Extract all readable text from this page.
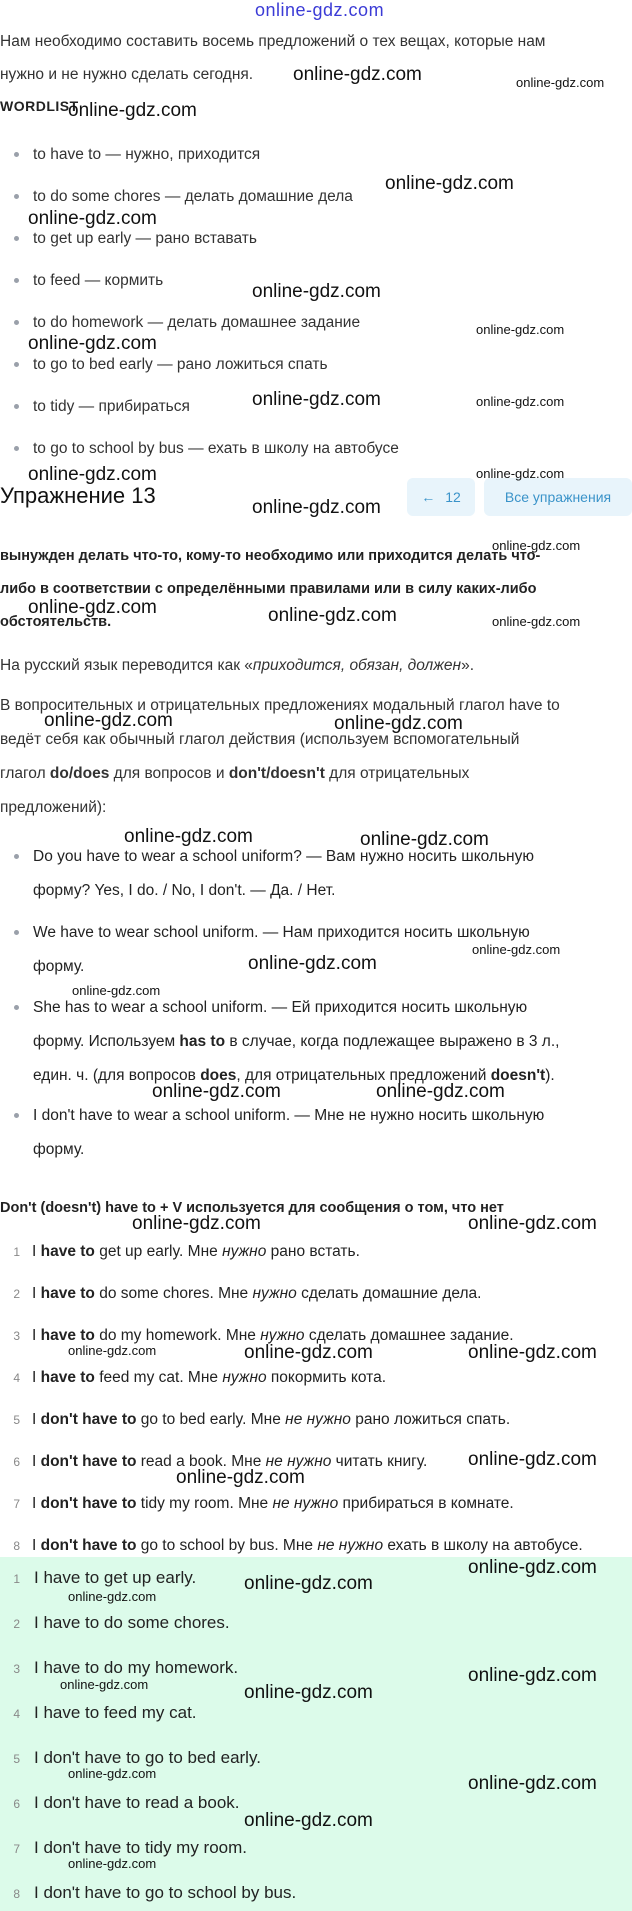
online-gdz.com
Нам необходимо составить восемь предложений о тех вещах, которые нам
нужно и не нужно сделать сегодня.
WORDLIST
to have to — нужно, приходится
to do some chores — делать домашние дела
to get up early — рано вставать
to feed — кормить
to do homework — делать домашнее задание
to go to bed early — рано ложиться спать
to tidy — прибираться
to go to school by bus — ехать в школу на автобусе
Упражнение 13	← 12	Все упражнения
вынужден делать что-то, кому-то необходимо или приходится делать что-
либо в соответствии с определёнными правилами или в силу каких-либо
обстоятельств.
На русский язык переводится как «приходится, обязан, должен».
В вопросительных и отрицательных предложениях модальный глагол have to
ведёт себя как обычный глагол действия (используем вспомогательный
глагол do/does для вопросов и don't/doesn't для отрицательных
предложений):
Do you have to wear a school uniform? — Вам нужно носить школьную
форму? Yes, I do. / No, I don't. — Да. / Нет.
We have to wear school uniform. — Нам приходится носить школьную
форму.
She has to wear a school uniform. — Ей приходится носить школьную
форму. Используем has to в случае, когда подлежащее выражено в 3 л.,
един. ч. (для вопросов does, для отрицательных предложений doesn't).
I don't have to wear a school uniform. — Мне не нужно носить школьную
форму.
Don't (doesn't) have to + V используется для сообщения о том, что нет
1 I have to get up early. Мне нужно рано встать.
2 I have to do some chores. Мне нужно сделать домашние дела.
3 I have to do my homework. Мне нужно сделать домашнее задание.
4 I have to feed my cat. Мне нужно покормить кота.
5 I don't have to go to bed early. Мне не нужно рано ложиться спать.
6 I don't have to read a book. Мне не нужно читать книгу.
7 I don't have to tidy my room. Мне не нужно прибираться в комнате.
8 I don't have to go to school by bus. Мне не нужно ехать в школу на автобусе.
1 I have to get up early.
2 I have to do some chores.
3 I have to do my homework.
4 I have to feed my cat.
5 I don't have to go to bed early.
6 I don't have to read a book.
7 I don't have to tidy my room.
8 I don't have to go to school by bus.
online-gdz.com	online-gdz.com
online-gdz.com
online-gdz.com
online-gdz.com
online-gdz.com
online-gdz.com
online-gdz.com
online-gdz.com	online-gdz.com
online-gdz.com	online-gdz.com
online-gdz.com
online-gdz.com
online-gdz.com	online-gdz.com	online-gdz.com
online-gdz.com	online-gdz.com
online-gdz.com	online-gdz.com
online-gdz.com
online-gdz.com
online-gdz.com
online-gdz.com	online-gdz.com
online-gdz.com	online-gdz.com
online-gdz.com	online-gdz.com	online-gdz.com
online-gdz.com
online-gdz.com
online-gdz.com
online-gdz.com
online-gdz.com
online-gdz.com
online-gdz.com	online-gdz.com
online-gdz.com	online-gdz.com
online-gdz.com
online-gdz.com
